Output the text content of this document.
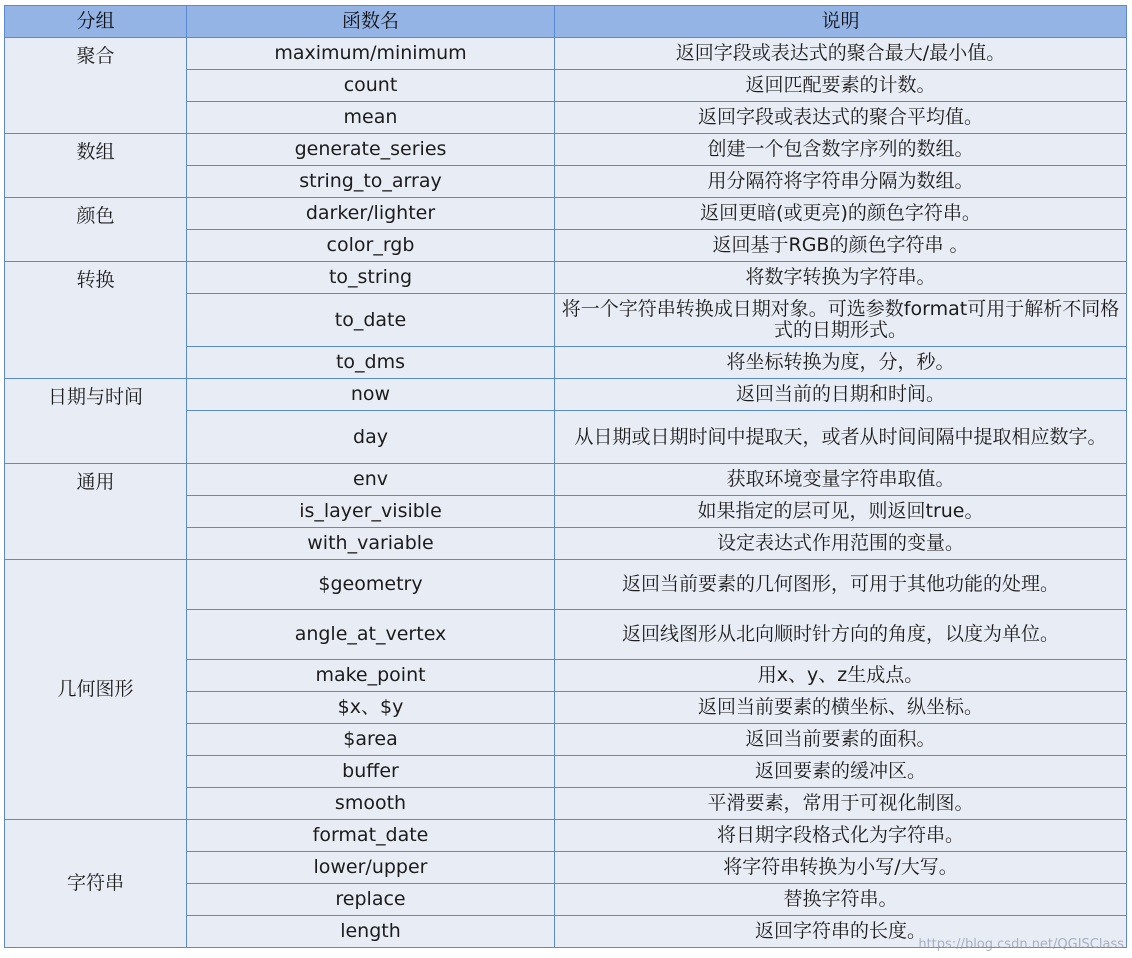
分组	函数名	说明
聚合	maximum/minimum	返回字段或表达式的聚合最大/最小值。
	count	返回匹配要素的计数。
	mean	返回字段或表达式的聚合平均值。
数组	generate_series	创建一个包含数字序列的数组。
	string_to_array	用分隔符将字符串分隔为数组。
颜色	darker/lighter	返回更暗(或更亮)的颜色字符串。
	color_rgb	返回基于RGB的颜色字符串 。
转换	to_string	将数字转换为字符串。
	to_date	将一个字符串转换成日期对象。可选参数format可用于解析不同格式的日期形式。
	to_dms	将坐标转换为度，分，秒。
日期与时间	now	返回当前的日期和时间。
	day	从日期或日期时间中提取天，或者从时间间隔中提取相应数字。
通用	env	获取环境变量字符串取值。
	is_layer_visible	如果指定的层可见，则返回true。
	with_variable	设定表达式作用范围的变量。
几何图形	$geometry	返回当前要素的几何图形，可用于其他功能的处理。
	angle_at_vertex	返回线图形从北向顺时针方向的角度，以度为单位。
	make_point	用x、y、z生成点。
	$x、$y	返回当前要素的横坐标、纵坐标。
	$area	返回当前要素的面积。
	buffer	返回要素的缓冲区。
	smooth	平滑要素，常用于可视化制图。
字符串	format_date	将日期字段格式化为字符串。
	lower/upper	将字符串转换为小写/大写。
	replace	替换字符串。
	length	返回字符串的长度。
https://blog.csdn.net/QGISClass
